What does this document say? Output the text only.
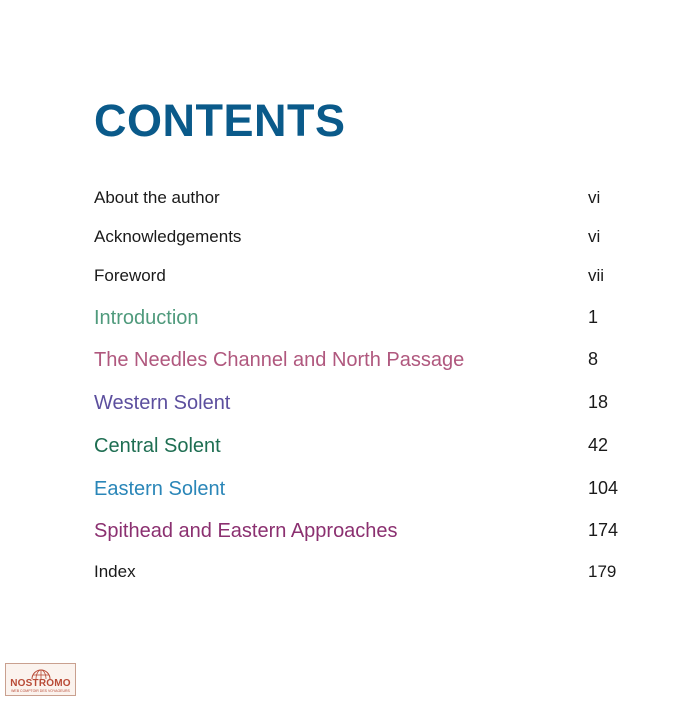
CONTENTS
About the author	vi
Acknowledgements	vi
Foreword	vii
Introduction	1
The Needles Channel and North Passage	8
Western Solent	18
Central Solent	42
Eastern Solent	104
Spithead and Eastern Approaches	174
Index	179
NOSTROMO
WEB COMPTOIR DES VOYAGEURS
